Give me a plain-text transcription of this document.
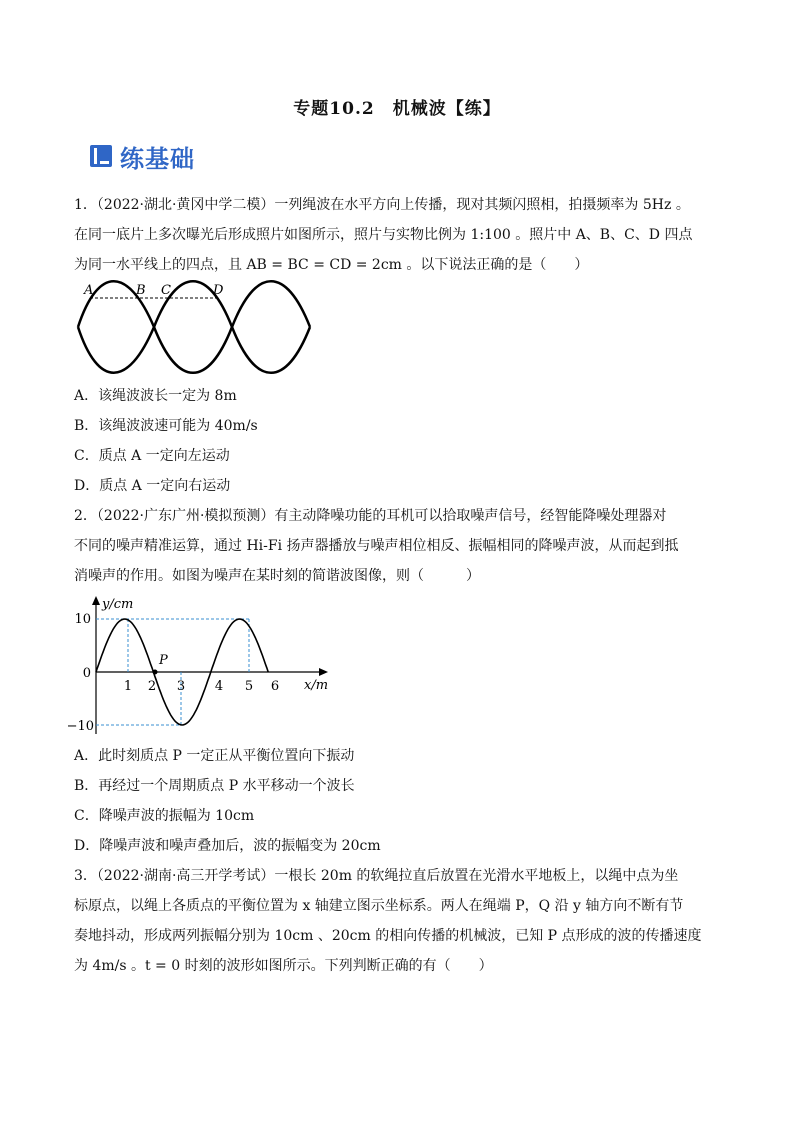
专题10.2　机械波【练】
练基础
1．（2022·湖北·黄冈中学二模）一列绳波在水平方向上传播，现对其频闪照相，拍摄频率为 5Hz 。
在同一底片上多次曝光后形成照片如图所示，照片与实物比例为 1:100 。照片中 A、B、C、D 四点
为同一水平线上的四点，且 AB = BC = CD = 2cm 。以下说法正确的是（　　）
A	B C	D
A．该绳波波长一定为 8m
B．该绳波波速可能为 40m/s
C．质点 A 一定向左运动
D．质点 A 一定向右运动
2．（2022·广东广州·模拟预测）有主动降噪功能的耳机可以拾取噪声信号，经智能降噪处理器对
不同的噪声精准运算，通过 Hi-Fi 扬声器播放与噪声相位相反、振幅相同的降噪声波，从而起到抵
消噪声的作用。如图为噪声在某时刻的简谐波图像，则（　　　）
P
y/cm
x/m
10
0
−10
1 2 3 4 5 6
A．此时刻质点 P 一定正从平衡位置向下振动
B．再经过一个周期质点 P 水平移动一个波长
C．降噪声波的振幅为 10cm
D．降噪声波和噪声叠加后，波的振幅变为 20cm
3．（2022·湖南·高三开学考试）一根长 20m 的软绳拉直后放置在光滑水平地板上，以绳中点为坐
标原点，以绳上各质点的平衡位置为 x 轴建立图示坐标系。两人在绳端 P，Q 沿 y 轴方向不断有节
奏地抖动，形成两列振幅分别为 10cm 、20cm 的相向传播的机械波，已知 P 点形成的波的传播速度
为 4m/s 。t = 0 时刻的波形如图所示。下列判断正确的有（　　）
